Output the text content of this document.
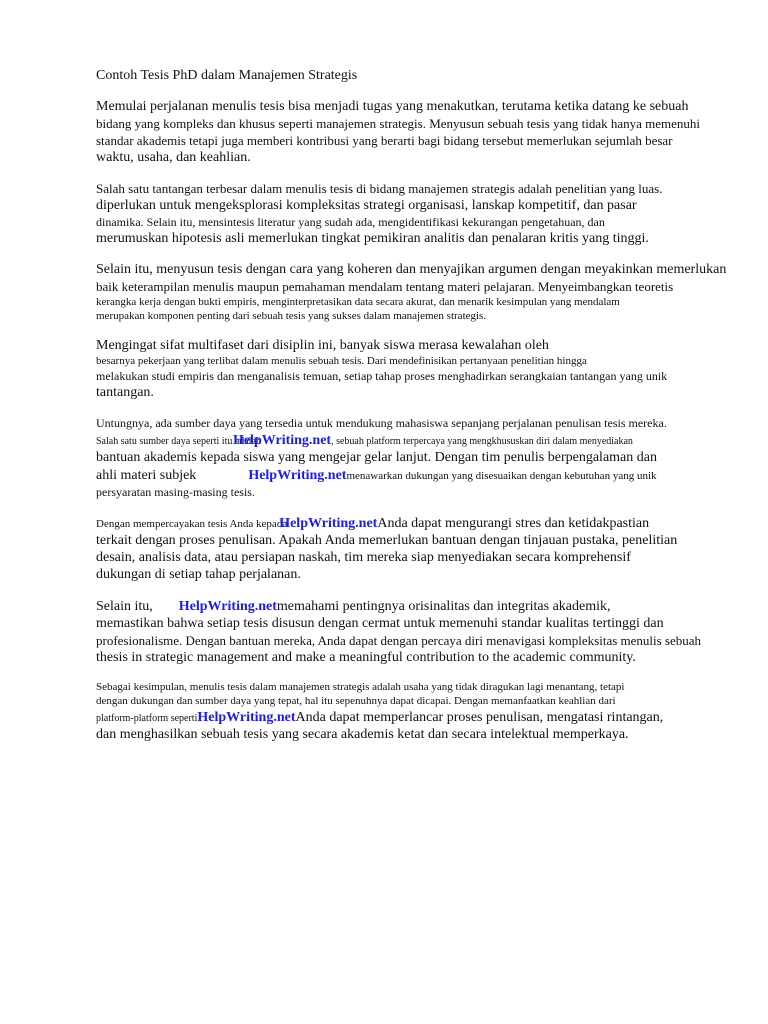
Contoh Tesis PhD dalam Manajemen Strategis
Memulai perjalanan menulis tesis bisa menjadi tugas yang menakutkan, terutama ketika datang ke sebuah
bidang yang kompleks dan khusus seperti manajemen strategis. Menyusun sebuah tesis yang tidak hanya memenuhi
standar akademis tetapi juga memberi kontribusi yang berarti bagi bidang tersebut memerlukan sejumlah besar
waktu, usaha, dan keahlian.
Salah satu tantangan terbesar dalam menulis tesis di bidang manajemen strategis adalah penelitian yang luas.
diperlukan untuk mengeksplorasi kompleksitas strategi organisasi, lanskap kompetitif, dan pasar
dinamika. Selain itu, mensintesis literatur yang sudah ada, mengidentifikasi kekurangan pengetahuan, dan
merumuskan hipotesis asli memerlukan tingkat pemikiran analitis dan penalaran kritis yang tinggi.
Selain itu, menyusun tesis dengan cara yang koheren dan menyajikan argumen dengan meyakinkan memerlukan
baik keterampilan menulis maupun pemahaman mendalam tentang materi pelajaran. Menyeimbangkan teoretis
kerangka kerja dengan bukti empiris, menginterpretasikan data secara akurat, dan menarik kesimpulan yang mendalam
merupakan komponen penting dari sebuah tesis yang sukses dalam manajemen strategis.
Mengingat sifat multifaset dari disiplin ini, banyak siswa merasa kewalahan oleh
besarnya pekerjaan yang terlibat dalam menulis sebuah tesis. Dari mendefinisikan pertanyaan penelitian hingga
melakukan studi empiris dan menganalisis temuan, setiap tahap proses menghadirkan serangkaian tantangan yang unik
tantangan.
Untungnya, ada sumber daya yang tersedia untuk mendukung mahasiswa sepanjang perjalanan penulisan tesis mereka.
Salah satu sumber daya seperti itu adalahHelpWriting.net, sebuah platform terpercaya yang mengkhususkan diri dalam menyediakan
bantuan akademis kepada siswa yang mengejar gelar lanjut. Dengan tim penulis berpengalaman dan
ahli materi subjek	HelpWriting.netmenawarkan dukungan yang disesuaikan dengan kebutuhan yang unik
persyaratan masing-masing tesis.
Dengan mempercayakan tesis Anda kepadaHelpWriting.netAnda dapat mengurangi stres dan ketidakpastian
terkait dengan proses penulisan. Apakah Anda memerlukan bantuan dengan tinjauan pustaka, penelitian
desain, analisis data, atau persiapan naskah, tim mereka siap menyediakan secara komprehensif
dukungan di setiap tahap perjalanan.
Selain itu, HelpWriting.netmemahami pentingnya orisinalitas dan integritas akademik,
memastikan bahwa setiap tesis disusun dengan cermat untuk memenuhi standar kualitas tertinggi dan
profesionalisme. Dengan bantuan mereka, Anda dapat dengan percaya diri menavigasi kompleksitas menulis sebuah
thesis in strategic management and make a meaningful contribution to the academic community.
Sebagai kesimpulan, menulis tesis dalam manajemen strategis adalah usaha yang tidak diragukan lagi menantang, tetapi
dengan dukungan dan sumber daya yang tepat, hal itu sepenuhnya dapat dicapai. Dengan memanfaatkan keahlian dari
platform-platform sepertiHelpWriting.netAnda dapat memperlancar proses penulisan, mengatasi rintangan,
dan menghasilkan sebuah tesis yang secara akademis ketat dan secara intelektual memperkaya.
